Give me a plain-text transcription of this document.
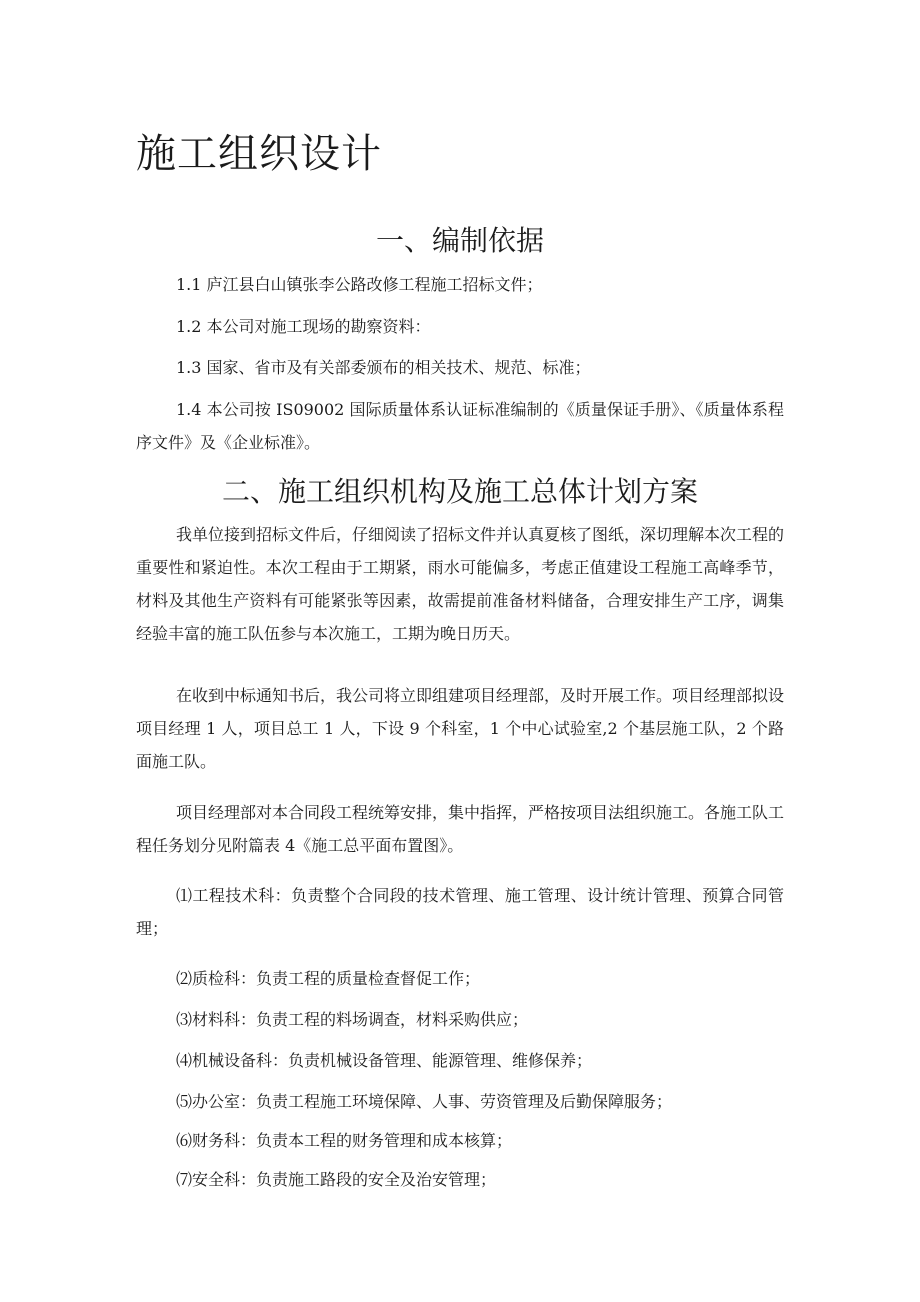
施工组织设计
一、编制依据

1.1 庐江县白山镇张李公路改修工程施工招标文件；

1.2 本公司对施工现场的勘察资料：

1.3 国家、省市及有关部委颁布的相关技术、规范、标准；

1.4 本公司按 IS09002 国际质量体系认证标准编制的《质量保证手册》、《质量体系程序文件》及《企业标准》。

二、施工组织机构及施工总体计划方案

我单位接到招标文件后，仔细阅读了招标文件并认真夏核了图纸，深切理解本次工程的重要性和紧迫性。本次工程由于工期紧，雨水可能偏多，考虑正值建设工程施工高峰季节，材料及其他生产资料有可能紧张等因素，故需提前准备材料储备，合理安排生产工序，调集经验丰富的施工队伍参与本次施工，工期为晚日历天。

在收到中标通知书后，我公司将立即组建项目经理部，及时开展工作。项目经理部拟设项目经理 1 人，项目总工 1 人，下设 9 个科室，1 个中心试验室,2 个基层施工队，2 个路面施工队。

项目经理部对本合同段工程统筹安排，集中指挥，严格按项目法组织施工。各施工队工程任务划分见附篇表 4《施工总平面布置图》。

⑴工程技术科：负责整个合同段的技术管理、施工管理、设计统计管理、预算合同管理；

⑵质检科：负责工程的质量检查督促工作；

⑶材料科：负责工程的料场调查，材料采购供应；

⑷机械设备科：负责机械设备管理、能源管理、维修保养；

⑸办公室：负责工程施工环境保障、人事、劳资管理及后勤保障服务；

⑹财务科：负责本工程的财务管理和成本核算；

⑺安全科：负责施工路段的安全及治安管理；
